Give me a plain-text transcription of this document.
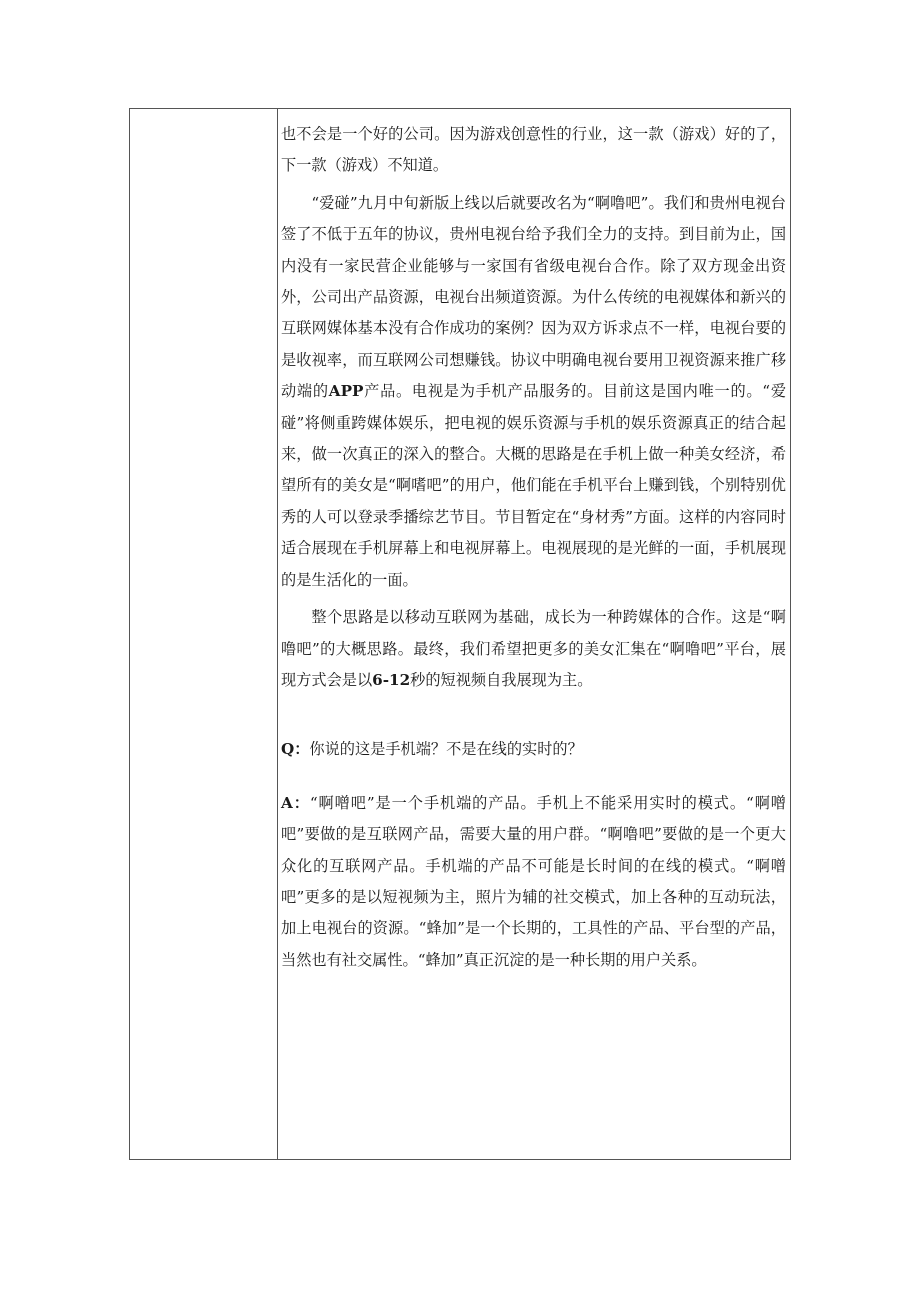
也不会是一个好的公司。因为游戏创意性的行业，这一款（游戏）好的了，下一款（游戏）不知道。

“爱碰”九月中旬新版上线以后就要改名为“啊噜吧”。我们和贵州电视台签了不低于五年的协议，贵州电视台给予我们全力的支持。到目前为止，国内没有一家民营企业能够与一家国有省级电视台合作。除了双方现金出资外，公司出产品资源，电视台出频道资源。为什么传统的电视媒体和新兴的互联网媒体基本没有合作成功的案例？因为双方诉求点不一样，电视台要的是收视率，而互联网公司想赚钱。协议中明确电视台要用卫视资源来推广移动端的APP产品。电视是为手机产品服务的。目前这是国内唯一的。“爱碰”将侧重跨媒体娱乐，把电视的娱乐资源与手机的娱乐资源真正的结合起来，做一次真正的深入的整合。大概的思路是在手机上做一种美女经济，希望所有的美女是“啊嗜吧”的用户，他们能在手机平台上赚到钱，个别特别优秀的人可以登录季播综艺节目。节目暂定在“身材秀”方面。这样的内容同时适合展现在手机屏幕上和电视屏幕上。电视展现的是光鲜的一面，手机展现的是生活化的一面。

整个思路是以移动互联网为基础，成长为一种跨媒体的合作。这是“啊噜吧”的大概思路。最终，我们希望把更多的美女汇集在“啊噜吧”平台，展现方式会是以6-12秒的短视频自我展现为主。

Q：你说的这是手机端？不是在线的实时的？

A：“啊噌吧”是一个手机端的产品。手机上不能采用实时的模式。“啊噌吧”要做的是互联网产品，需要大量的用户群。“啊噜吧”要做的是一个更大众化的互联网产品。手机端的产品不可能是长时间的在线的模式。“啊噌吧”更多的是以短视频为主，照片为辅的社交模式，加上各种的互动玩法，加上电视台的资源。“蜂加”是一个长期的，工具性的产品、平台型的产品，当然也有社交属性。“蜂加”真正沉淀的是一种长期的用户关系。
